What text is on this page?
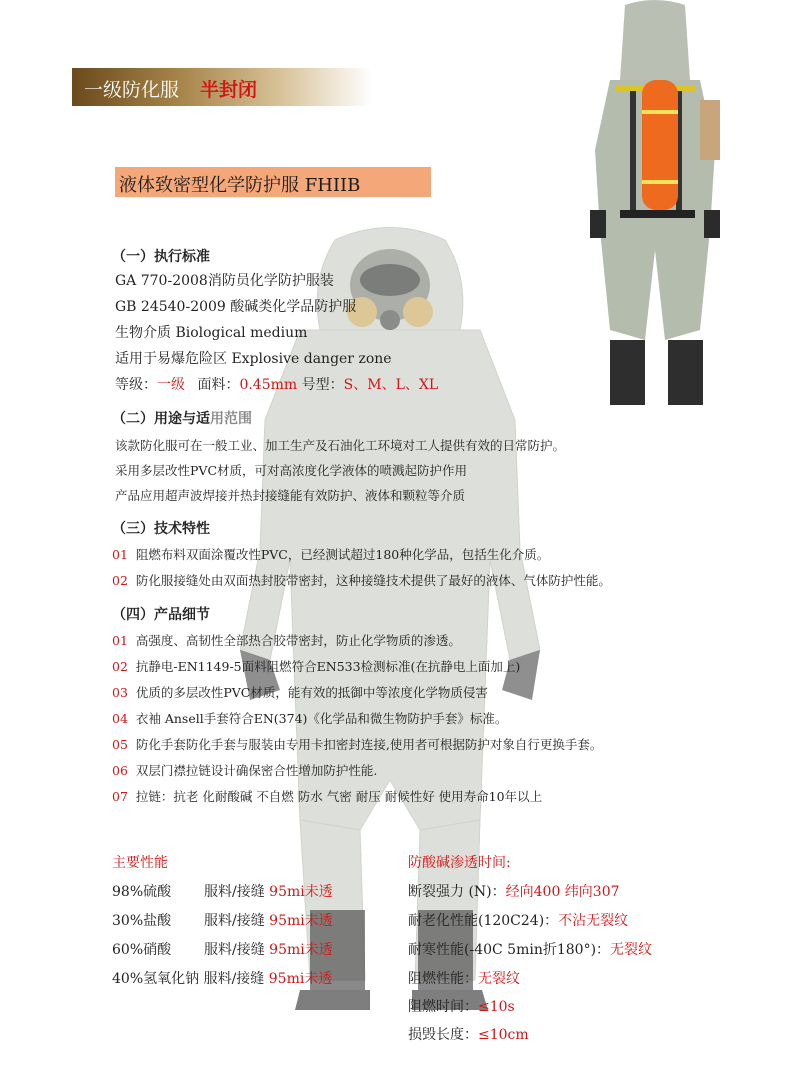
一级防化服 半封闭
液体致密型化学防护服 FHIIB
（一）执行标准
GA 770-2008消防员化学防护服装
GB 24540-2009 酸碱类化学品防护服
生物介质 Biological medium
适用于易爆危险区 Explosive danger zone
等级：一级 面料：0.45mm 号型：S、M、L、XL
（二）用途与适用范围
该款防化服可在一般工业、加工生产及石油化工环境对工人提供有效的日常防护。
采用多层改性PVC材质，可对高浓度化学液体的喷溅起防护作用
产品应用超声波焊接并热封接缝能有效防护、液体和颗粒等介质
（三）技术特性
01 阻燃布料双面涂覆改性PVC，已经测试超过180种化学品，包括生化介质。
02 防化服接缝处由双面热封胶带密封，这种接缝技术提供了最好的液体、气体防护性能。
（四）产品细节
01 高强度、高韧性全部热合胶带密封，防止化学物质的渗透。
02 抗静电-EN1149-5面料阻燃符合EN533检测标准(在抗静电上面加上)
03 优质的多层改性PVC材质，能有效的抵御中等浓度化学物质侵害
04 衣袖 Ansell手套符合EN(374)《化学品和微生物防护手套》标准。
05 防化手套防化手套与服装由专用卡扣密封连接,使用者可根据防护对象自行更换手套。
06 双层门襟拉链设计确保密合性增加防护性能.
07 拉链：抗老 化耐酸碱 不自燃 防水 气密 耐压 耐候性好 使用寿命10年以上
主要性能
98%硫酸 服料/接缝 95mi未透
30%盐酸 服料/接缝 95mi未透
60%硝酸 服料/接缝 95mi未透
40%氢氧化钠 服料/接缝 95mi未透
防酸碱渗透时间:
断裂强力 (N)：经向400 纬向307
耐老化性能(120C24)：不沾无裂纹
耐寒性能(-40C 5min折180°)：无裂纹
阻燃性能：无裂纹
阻燃时间：≤10s
损毁长度：≤10cm
